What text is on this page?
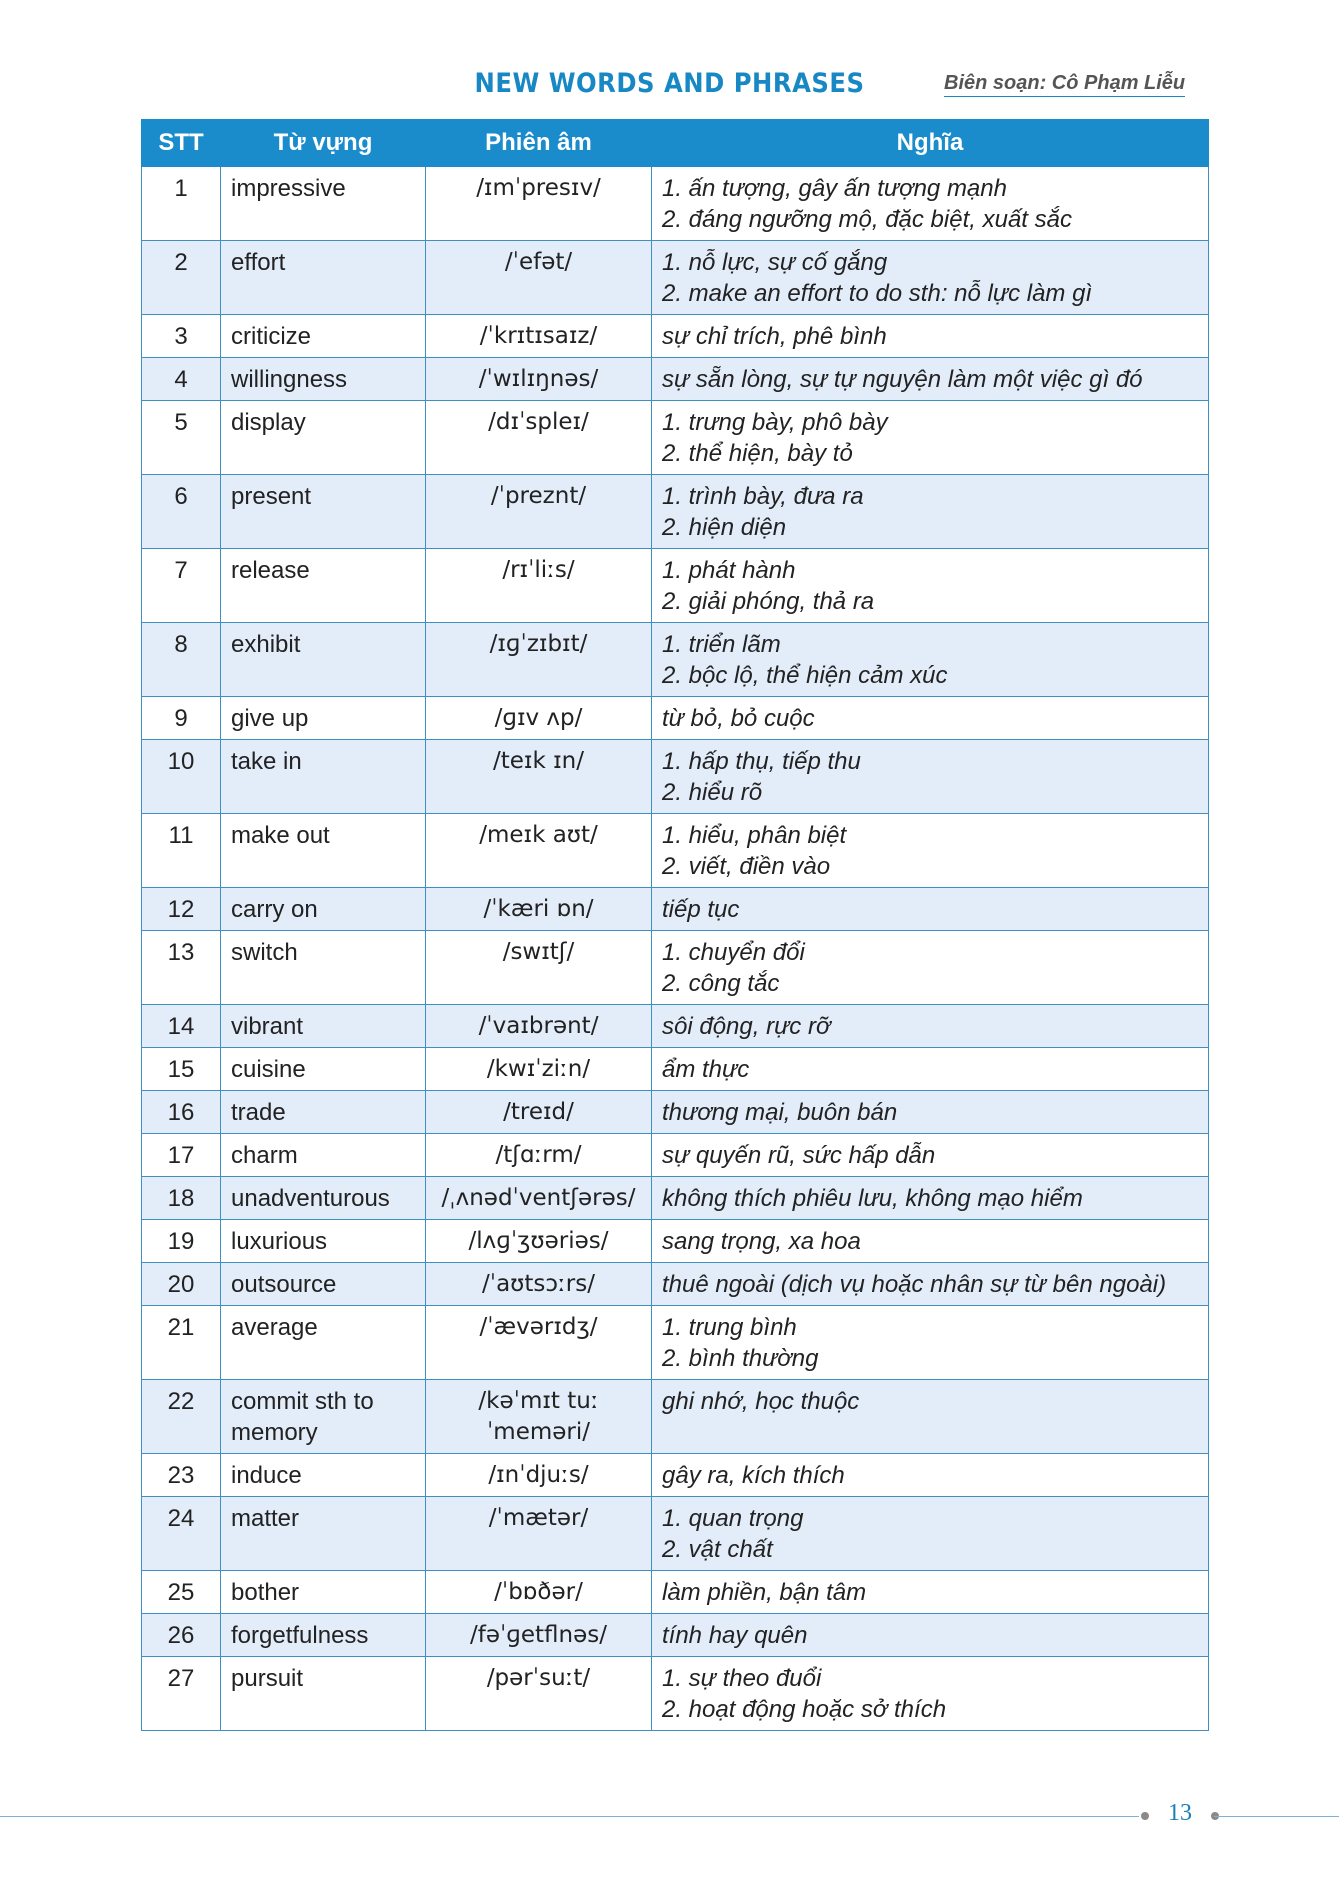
NEW WORDS AND PHRASES	Biên soạn: Cô Phạm Liễu
STT	Từ vựng	Phiên âm	Nghĩa
1	impressive	/ɪmˈpresɪv/	1. ấn tượng, gây ấn tượng mạnh
2. đáng ngưỡng mộ, đặc biệt, xuất sắc

2	effort	/ˈefət/	1. nỗ lực, sự cố gắng
2. make an effort to do sth: nỗ lực làm gì

3	criticize	/ˈkrɪtɪsaɪz/	sự chỉ trích, phê bình

4	willingness	/ˈwɪlɪŋnəs/	sự sẵn lòng, sự tự nguyện làm một việc gì đó

5	display	/dɪˈspleɪ/	1. trưng bày, phô bày
2. thể hiện, bày tỏ

6	present	/ˈpreznt/	1. trình bày, đưa ra
2. hiện diện

7	release	/rɪˈliːs/	1. phát hành
2. giải phóng, thả ra

8	exhibit	/ɪɡˈzɪbɪt/	1. triển lãm
2. bộc lộ, thể hiện cảm xúc

9	give up	/ɡɪv ʌp/	từ bỏ, bỏ cuộc

10	take in	/teɪk ɪn/	1. hấp thụ, tiếp thu
2. hiểu rõ

11	make out	/meɪk aʊt/	1. hiểu, phân biệt
2. viết, điền vào

12	carry on	/ˈkæri ɒn/	tiếp tục

13	switch	/swɪtʃ/	1. chuyển đổi
2. công tắc

14	vibrant	/ˈvaɪbrənt/	sôi động, rực rỡ

15	cuisine	/kwɪˈziːn/	ẩm thực

16	trade	/treɪd/	thương mại, buôn bán

17	charm	/tʃɑːrm/	sự quyến rũ, sức hấp dẫn

18	unadventurous	/ˌʌnədˈventʃərəs/	không thích phiêu lưu, không mạo hiểm

19	luxurious	/lʌɡˈʒʊəriəs/	sang trọng, xa hoa

20	outsource	/ˈaʊtsɔːrs/	thuê ngoài (dịch vụ hoặc nhân sự từ bên ngoài)

21	average	/ˈævərɪdʒ/	1. trung bình
2. bình thường

22	commit sth to memory	/kəˈmɪt tuː ˈmeməri/	ghi nhớ, học thuộc

23	induce	/ɪnˈdjuːs/	gây ra, kích thích

24	matter	/ˈmætər/	1. quan trọng
2. vật chất

25	bother	/ˈbɒðər/	làm phiền, bận tâm

26	forgetfulness	/fəˈɡetflnəs/	tính hay quên

27	pursuit	/pərˈsuːt/	1. sự theo đuổi
2. hoạt động hoặc sở thích
13
